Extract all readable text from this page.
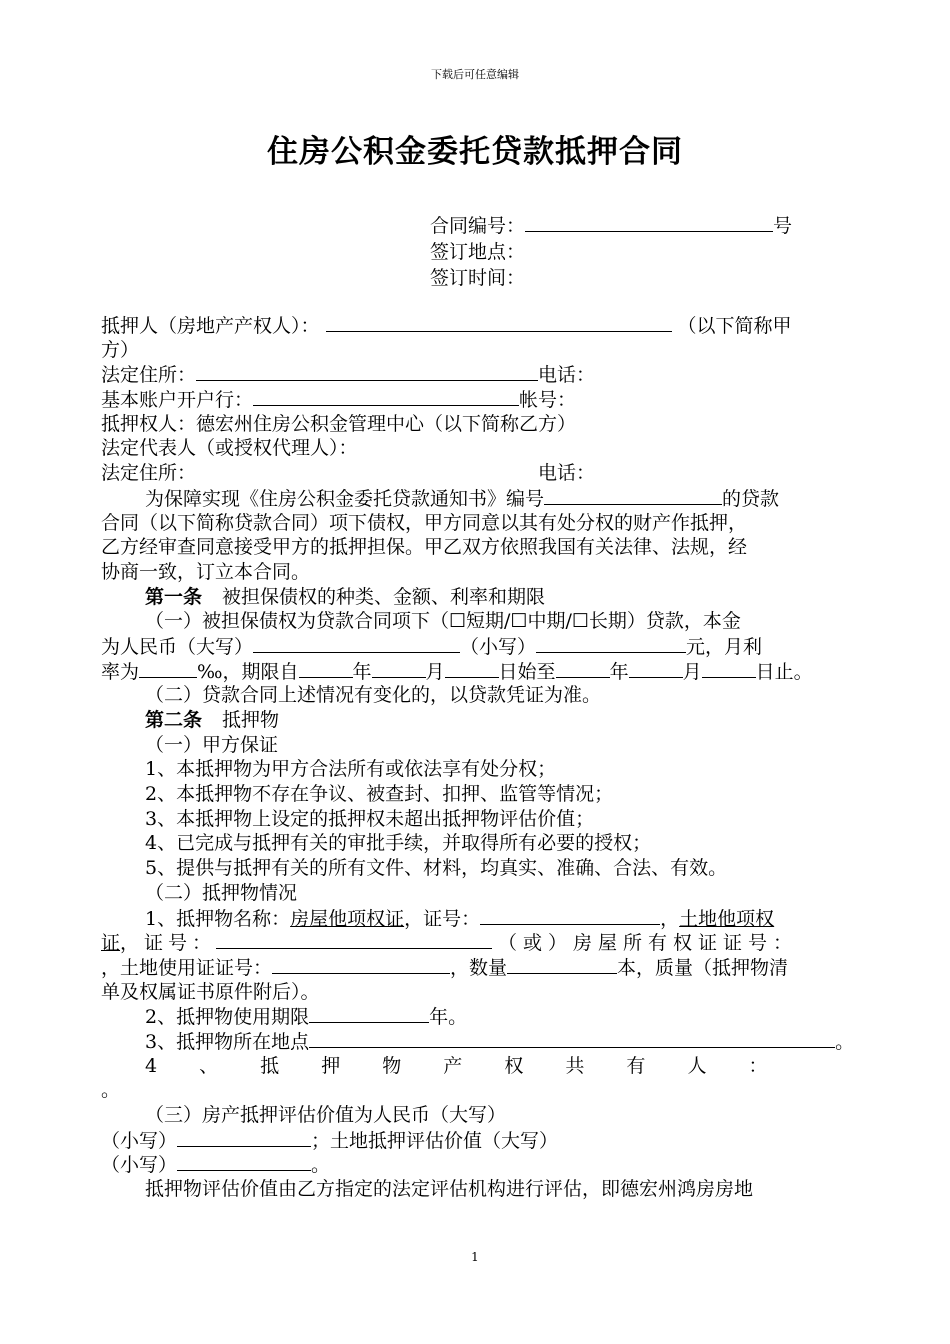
下载后可任意编辑
住房公积金委托贷款抵押合同
合同编号：	号
签订地点：
签订时间：
抵押人（房地产产权人）：	（以下简称甲
方）
法定住所：	电话：
基本账户开户行：	帐号：
抵押权人：德宏州住房公积金管理中心（以下简称乙方）
法定代表人（或授权代理人）：
法定住所：	电话：
为保障实现《住房公积金委托贷款通知书》编号	的贷款
合同（以下简称贷款合同）项下债权，甲方同意以其有处分权的财产作抵押，
乙方经审查同意接受甲方的抵押担保。甲乙双方依照我国有关法律、法规，经
协商一致，订立本合同。
第一条 被担保债权的种类、金额、利率和期限
（一）被担保债权为贷款合同项下（☐短期/☐中期/☐长期）贷款，本金
为人民币（大写）	（小写）	元，月利
率为	‰，期限自	年	月	日始至	年	月	日止。
（二）贷款合同上述情况有变化的，以贷款凭证为准。
第二条 抵押物
（一）甲方保证
1、本抵押物为甲方合法所有或依法享有处分权；
2、本抵押物不存在争议、被查封、扣押、监管等情况；
3、本抵押物上设定的抵押权未超出抵押物评估价值；
4、已完成与抵押有关的审批手续，并取得所有必要的授权；
5、提供与抵押有关的所有文件、材料，均真实、准确、合法、有效。
（二）抵押物情况
1、抵押物名称：房屋他项权证，证号：	，土地他项权
证，证号：	（或）房屋所有权证证号：
，土地使用证证号：	，数量	本，质量（抵押物清
单及权属证书原件附后）。
2、抵押物使用期限	年。
3、抵押物所在地点	。
4 、 抵 押 物 产 权 共 有 人 ：
。
（三）房产抵押评估价值为人民币（大写）
（小写）	；土地抵押评估价值（大写）
（小写）	。
抵押物评估价值由乙方指定的法定评估机构进行评估，即德宏州鸿房房地
1
